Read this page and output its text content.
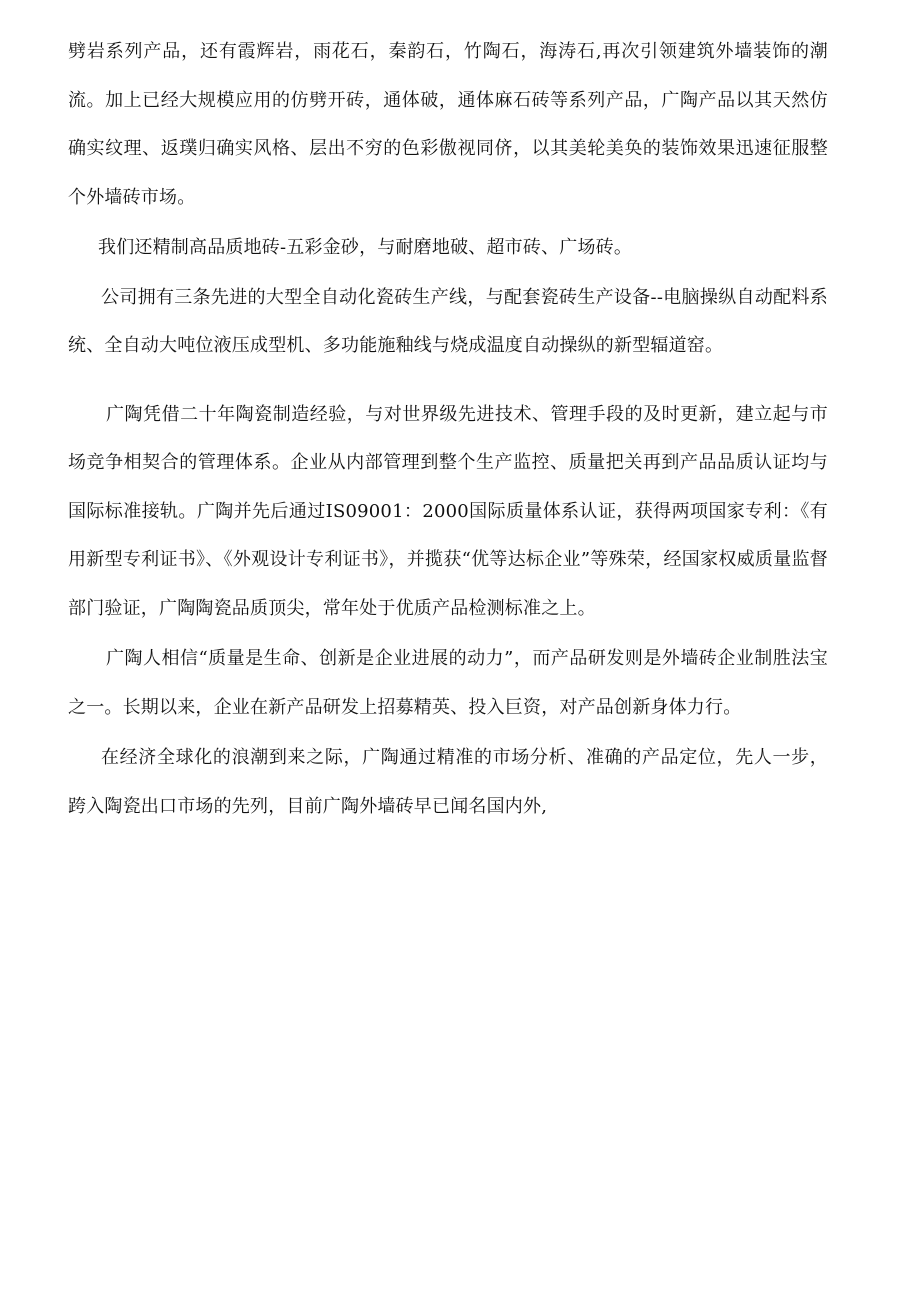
劈岩系列产品，还有霞辉岩，雨花石，秦韵石，竹陶石，海涛石,再次引领建筑外墙装饰的潮流。加上已经大规模应用的仿劈开砖，通体破，通体麻石砖等系列产品，广陶产品以其天然仿确实纹理、返璞归确实风格、层出不穷的色彩傲视同侪，以其美轮美奂的装饰效果迅速征服整个外墙砖市场。

我们还精制高品质地砖-五彩金砂，与耐磨地破、超市砖、广场砖。

公司拥有三条先进的大型全自动化瓷砖生产线，与配套瓷砖生产设备--电脑操纵自动配料系统、全自动大吨位液压成型机、多功能施釉线与烧成温度自动操纵的新型辐道窑。

广陶凭借二十年陶瓷制造经验，与对世界级先进技术、管理手段的及时更新，建立起与市场竞争相契合的管理体系。企业从内部管理到整个生产监控、质量把关再到产品品质认证均与国际标准接轨。广陶并先后通过IS09001：2000国际质量体系认证，获得两项国家专利：《有用新型专利证书》、《外观设计专利证书》，并揽获“优等达标企业”等殊荣，经国家权威质量监督部门验证，广陶陶瓷品质顶尖，常年处于优质产品检测标准之上。

广陶人相信“质量是生命、创新是企业进展的动力”，而产品研发则是外墙砖企业制胜法宝之一。长期以来，企业在新产品研发上招募精英、投入巨资，对产品创新身体力行。

在经济全球化的浪潮到来之际，广陶通过精准的市场分析、准确的产品定位，先人一步，跨入陶瓷出口市场的先列，目前广陶外墙砖早已闻名国内外,
